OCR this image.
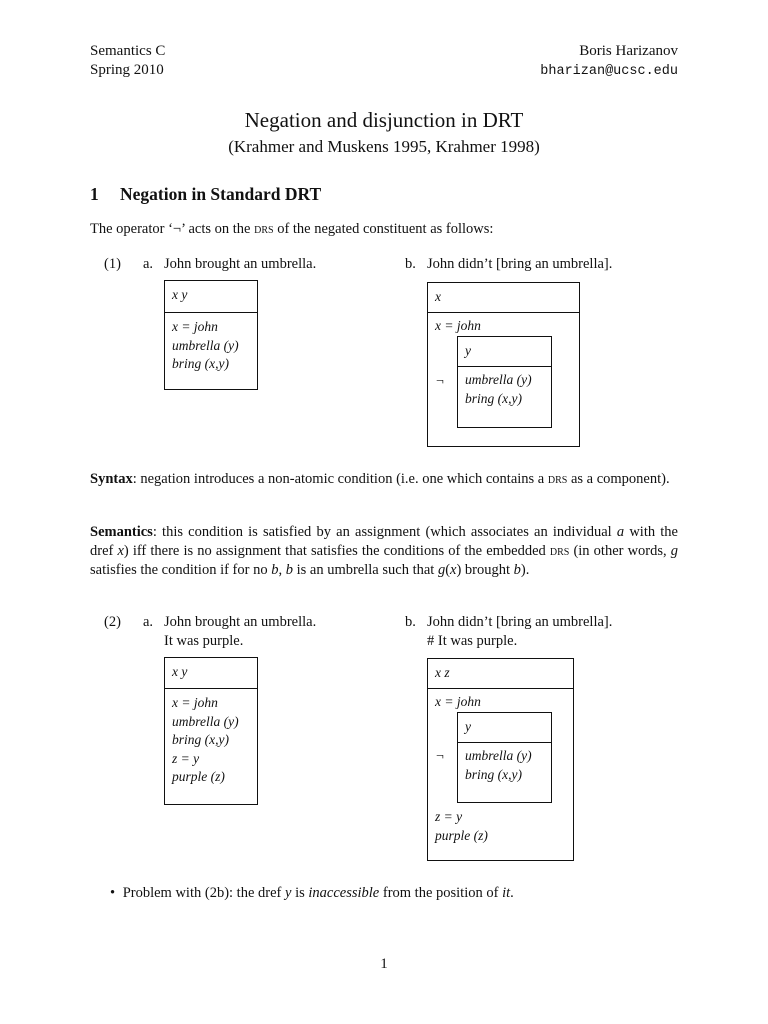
Semantics C
Spring 2010
Boris Harizanov
bharizan@ucsc.edu
Negation and disjunction in DRT
(Krahmer and Muskens 1995, Krahmer 1998)
1 Negation in Standard DRT
The operator ‘¬’ acts on the drs of the negated constituent as follows:
(1) a. John brought an umbrella.	b. John didn’t [bring an umbrella].
x y
x = john
umbrella (y)
bring (x,y)
x
x = john
¬
y
umbrella (y)
bring (x,y)
Syntax: negation introduces a non-atomic condition (i.e. one which contains a drs as a component).
Semantics: this condition is satisfied by an assignment (which associates an individual a with the dref x) iff there is no assignment that satisfies the conditions of the embedded drs (in other words, g satisfies the condition if for no b, b is an umbrella such that g(x) brought b).
(2) a. John brought an umbrella.
It was purple.
b. John didn’t [bring an umbrella].
# It was purple.
x y
x = john
umbrella (y)
bring (x,y)
z = y
purple (z)
x z
x = john
¬
y
umbrella (y)
bring (x,y)
z = y
purple (z)
• Problem with (2b): the dref y is inaccessible from the position of it.
1
